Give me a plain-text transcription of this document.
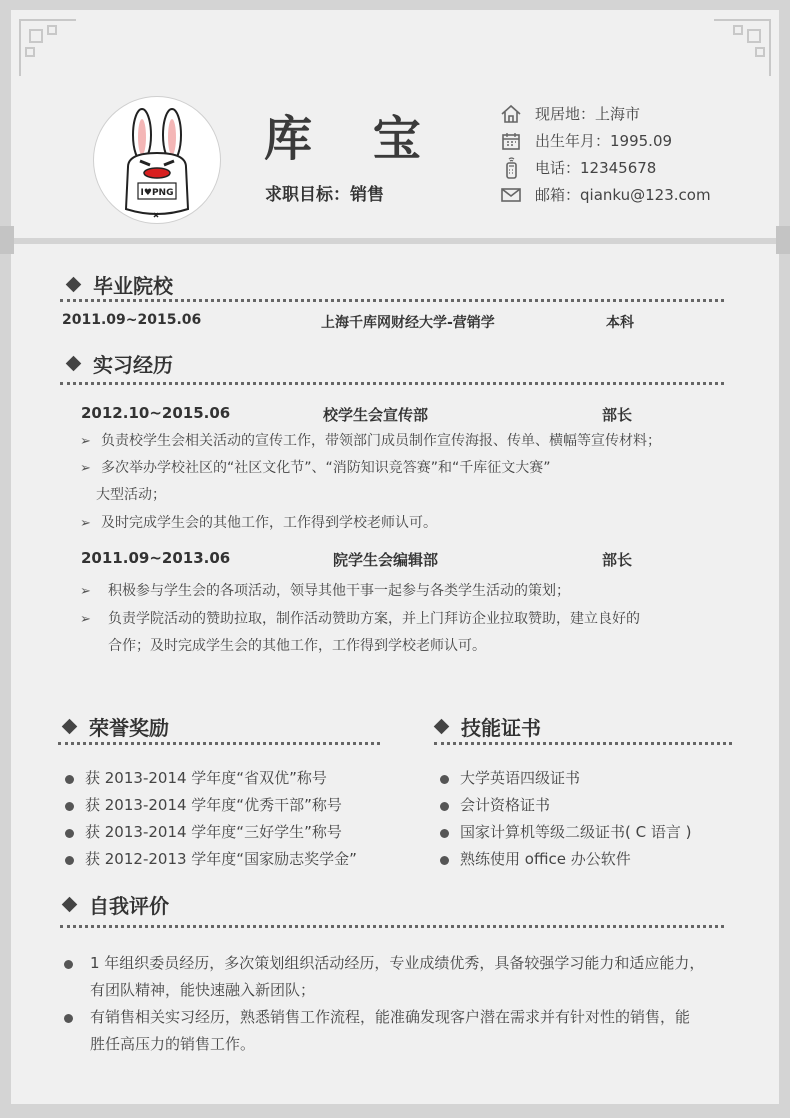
I♥PNG
库 宝
求职目标：销售
现居地：上海市
出生年月：1995.09
电话：12345678
邮箱：qianku@123.com
毕业院校
2011.09~2015.06	上海千库网财经大学-营销学	本科
实习经历
2012.10~2015.06	校学生会宣传部	部长
➢ 负责校学生会相关活动的宣传工作，带领部门成员制作宣传海报、传单、横幅等宣传材料；
➢ 多次举办学校社区的“社区文化节”、“消防知识竞答赛”和“千库征文大赛”
大型活动；
➢ 及时完成学生会的其他工作，工作得到学校老师认可。
2011.09~2013.06	院学生会编辑部	部长
➢ 积极参与学生会的各项活动，领导其他干事一起参与各类学生活动的策划；
➢ 负责学院活动的赞助拉取，制作活动赞助方案，并上门拜访企业拉取赞助，建立良好的
合作；及时完成学生会的其他工作，工作得到学校老师认可。
荣誉奖励
获 2013-2014 学年度“省双优”称号
获 2013-2014 学年度“优秀干部”称号
获 2013-2014 学年度“三好学生”称号
获 2012-2013 学年度“国家励志奖学金”
技能证书
大学英语四级证书
会计资格证书
国家计算机等级二级证书( C 语言 )
熟练使用 office 办公软件
自我评价
1 年组织委员经历，多次策划组织活动经历，专业成绩优秀，具备较强学习能力和适应能力，
有团队精神，能快速融入新团队；
有销售相关实习经历，熟悉销售工作流程，能准确发现客户潜在需求并有针对性的销售，能
胜任高压力的销售工作。
